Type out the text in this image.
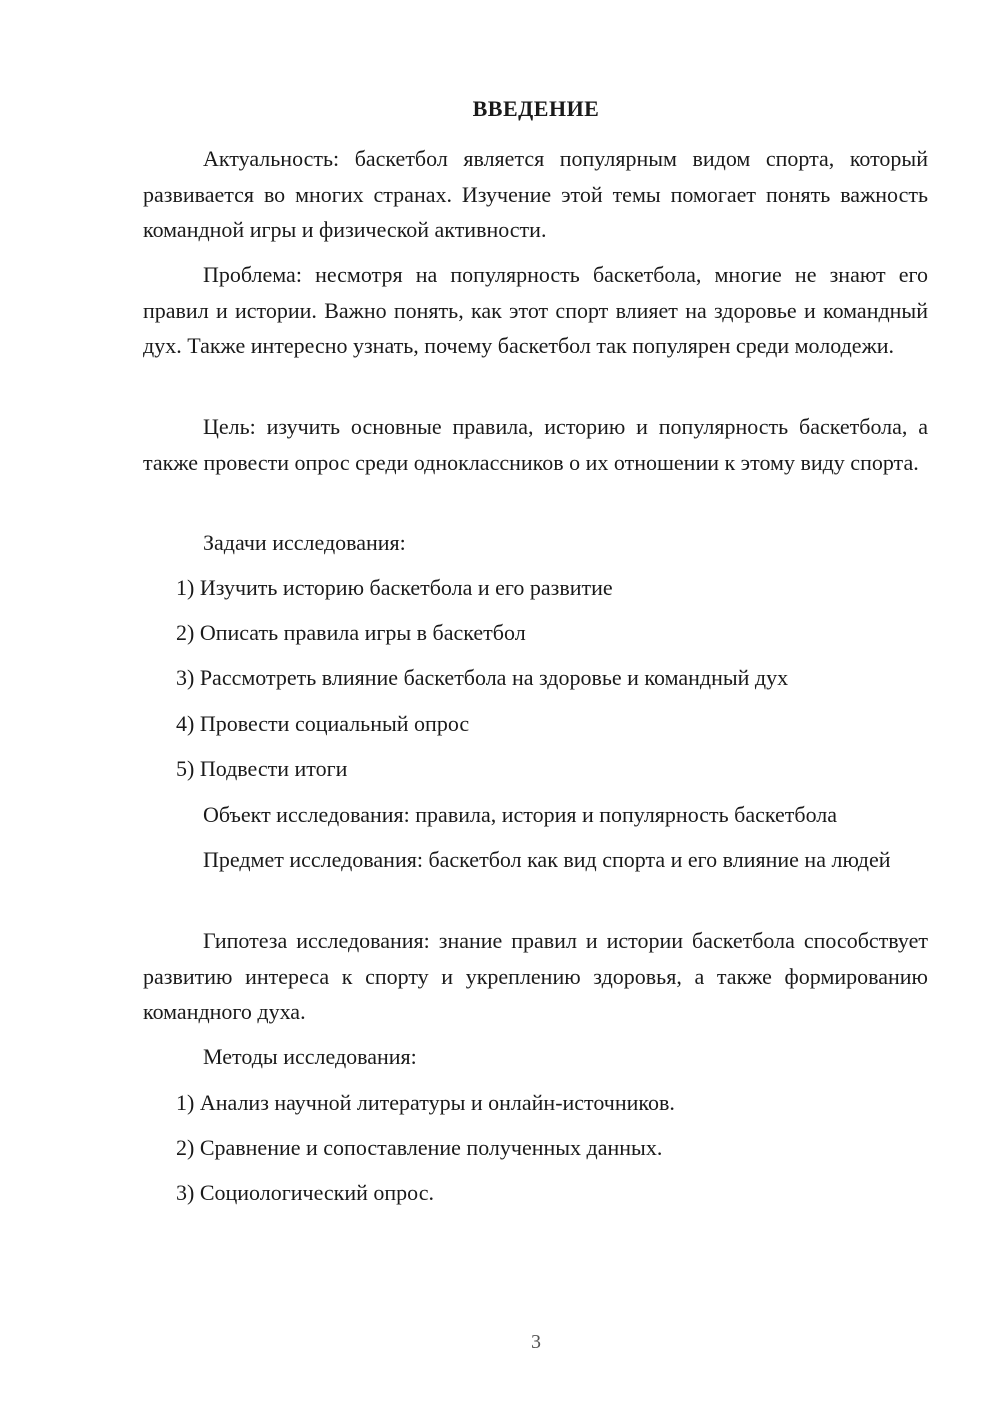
ВВЕДЕНИЕ

Актуальность: баскетбол является популярным видом спорта, который развивается во многих странах. Изучение этой темы помогает понять важность командной игры и физической активности.

Проблема: несмотря на популярность баскетбола, многие не знают его правил и истории. Важно понять, как этот спорт влияет на здоровье и командный дух. Также интересно узнать, почему баскетбол так популярен среди молодежи.

Цель: изучить основные правила, историю и популярность баскетбола, а также провести опрос среди одноклассников о их отношении к этому виду спорта.

Задачи исследования:

1) Изучить историю баскетбола и его развитие

2) Описать правила игры в баскетбол

3) Рассмотреть влияние баскетбола на здоровье и командный дух

4) Провести социальный опрос

5) Подвести итоги

Объект исследования: правила, история и популярность баскетбола

Предмет исследования: баскетбол как вид спорта и его влияние на людей

Гипотеза исследования: знание правил и истории баскетбола способствует развитию интереса к спорту и укреплению здоровья, а также формированию командного духа.

Методы исследования:

1) Анализ научной литературы и онлайн-источников.

2) Сравнение и сопоставление полученных данных.

3) Социологический опрос.

3
